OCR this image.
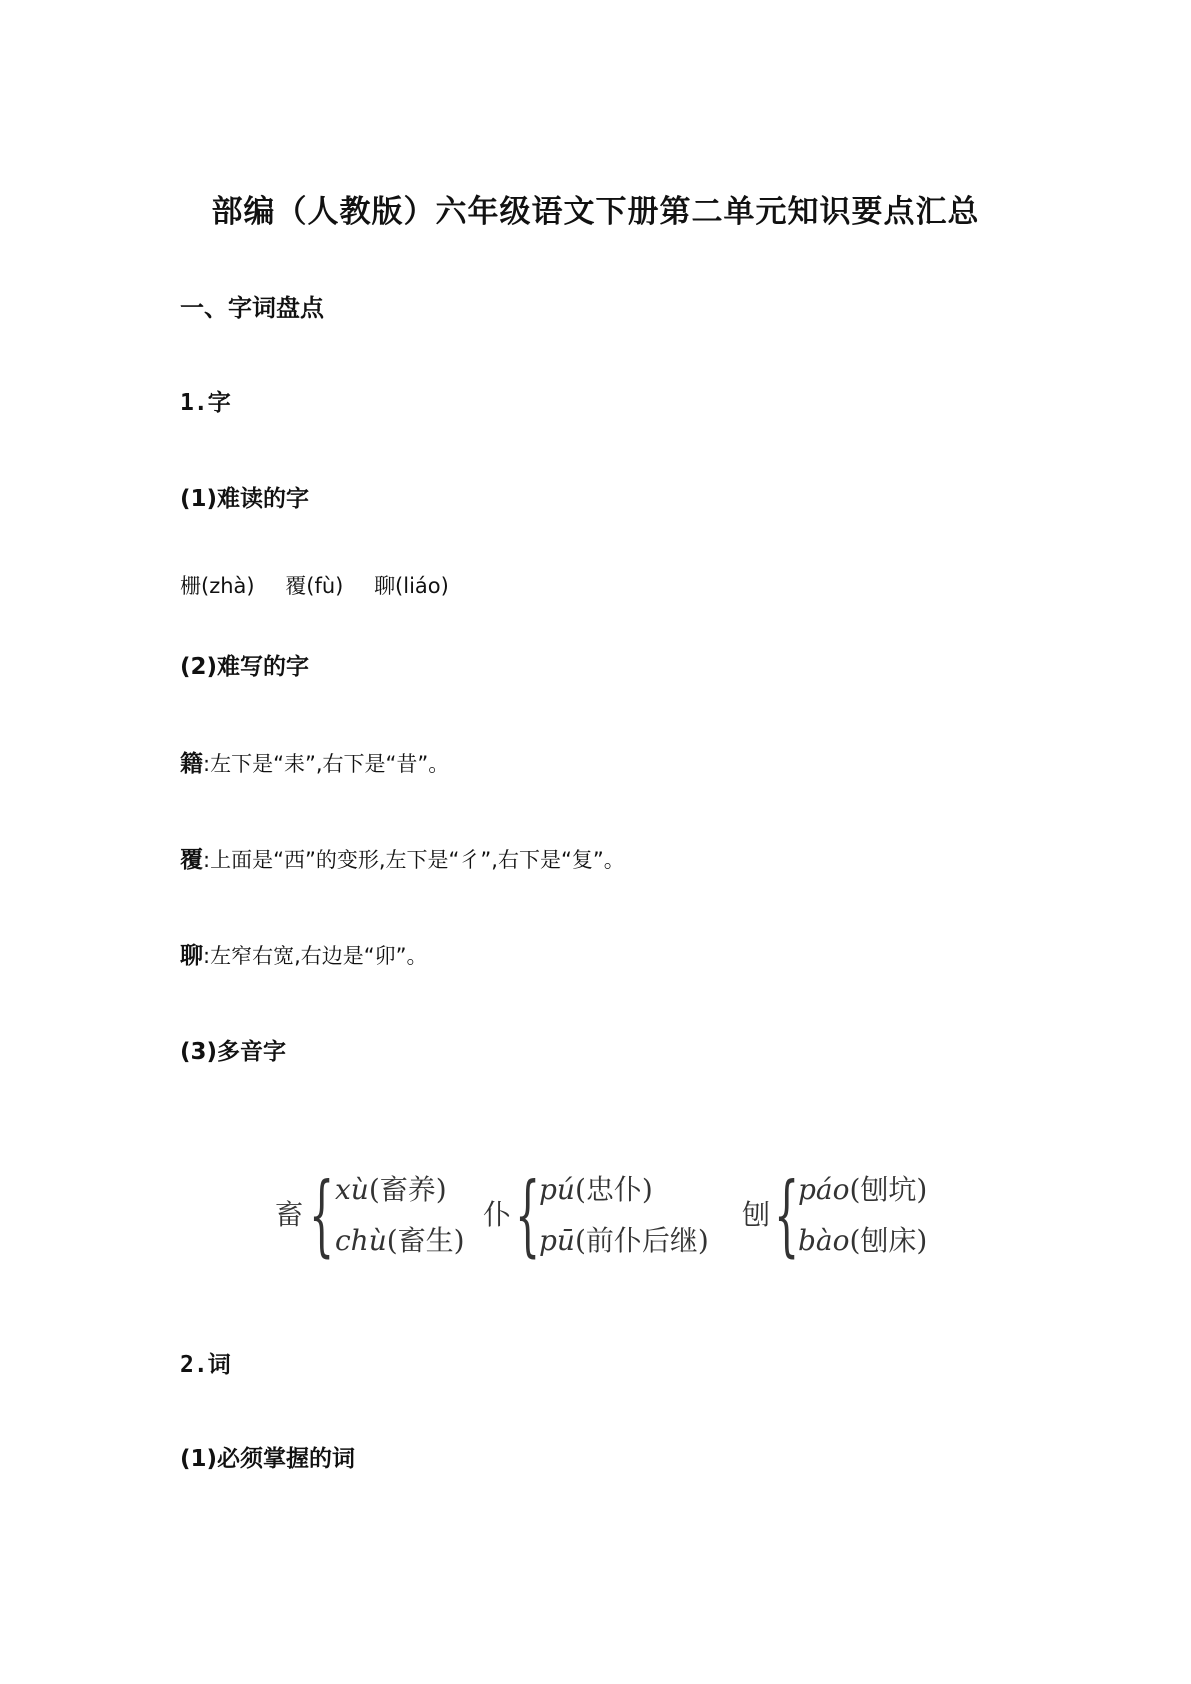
部编（人教版）六年级语文下册第二单元知识要点汇总
一、字词盘点
1.字
(1)难读的字
栅(zhà) 覆(fù) 聊(liáo)
(2)难写的字
籍:左下是“耒”,右下是“昔”。
覆:上面是“西”的变形,左下是“彳”,右下是“复”。
聊:左窄右宽,右边是“卯”。
(3)多音字
畜 { xù(畜养)
chù(畜生)
仆 {
pú(忠仆)
pū(前仆后继)
刨 {
páo(刨坑)
bào(刨床)
2.词
(1)必须掌握的词
